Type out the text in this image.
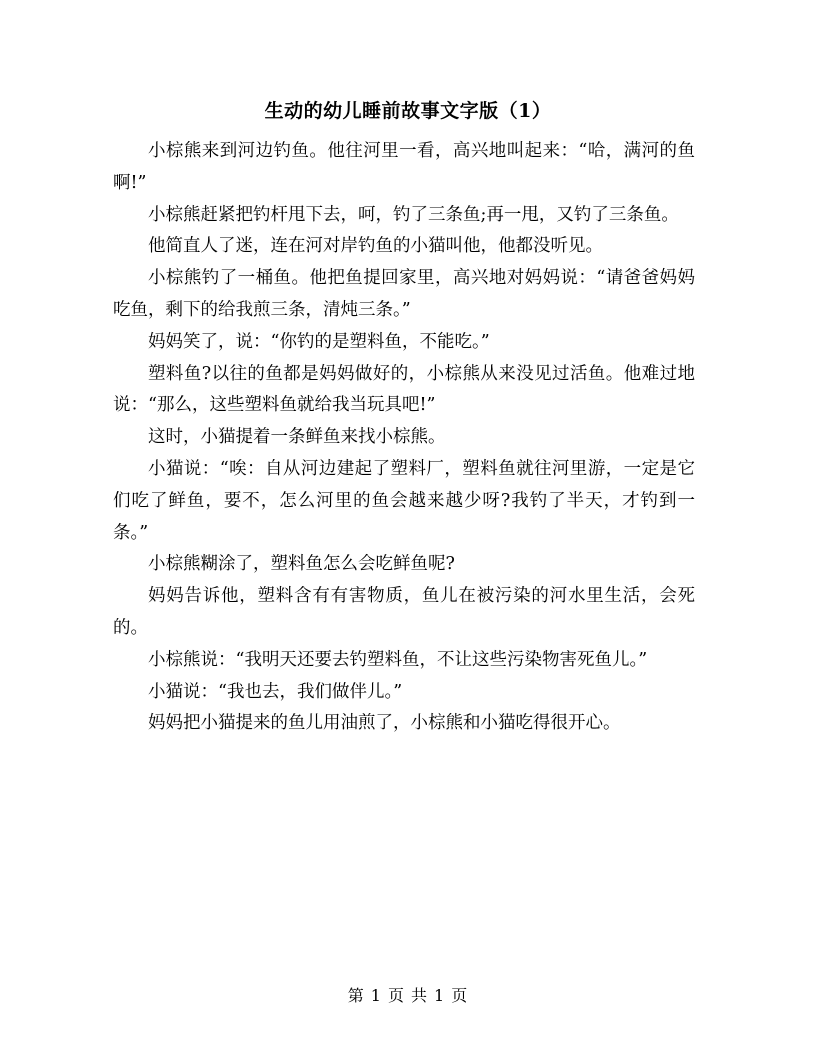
生动的幼儿睡前故事文字版（1）

小棕熊来到河边钓鱼。他往河里一看，高兴地叫起来：“哈，满河的鱼啊!”

小棕熊赶紧把钓杆甩下去，呵，钓了三条鱼;再一甩，又钓了三条鱼。

他简直人了迷，连在河对岸钓鱼的小猫叫他，他都没听见。

小棕熊钓了一桶鱼。他把鱼提回家里，高兴地对妈妈说：“请爸爸妈妈吃鱼，剩下的给我煎三条，清炖三条。”

妈妈笑了，说：“你钓的是塑料鱼，不能吃。”

塑料鱼?以往的鱼都是妈妈做好的，小棕熊从来没见过活鱼。他难过地说：“那么，这些塑料鱼就给我当玩具吧!”

这时，小猫提着一条鲜鱼来找小棕熊。

小猫说：“唉：自从河边建起了塑料厂，塑料鱼就往河里游，一定是它们吃了鲜鱼，要不，怎么河里的鱼会越来越少呀?我钓了半天，才钓到一条。”

小棕熊糊涂了，塑料鱼怎么会吃鲜鱼呢?

妈妈告诉他，塑料含有有害物质，鱼儿在被污染的河水里生活，会死的。

小棕熊说：“我明天还要去钓塑料鱼，不让这些污染物害死鱼儿。”

小猫说：“我也去，我们做伴儿。”

妈妈把小猫提来的鱼儿用油煎了，小棕熊和小猫吃得很开心。

第 1 页 共 1 页
